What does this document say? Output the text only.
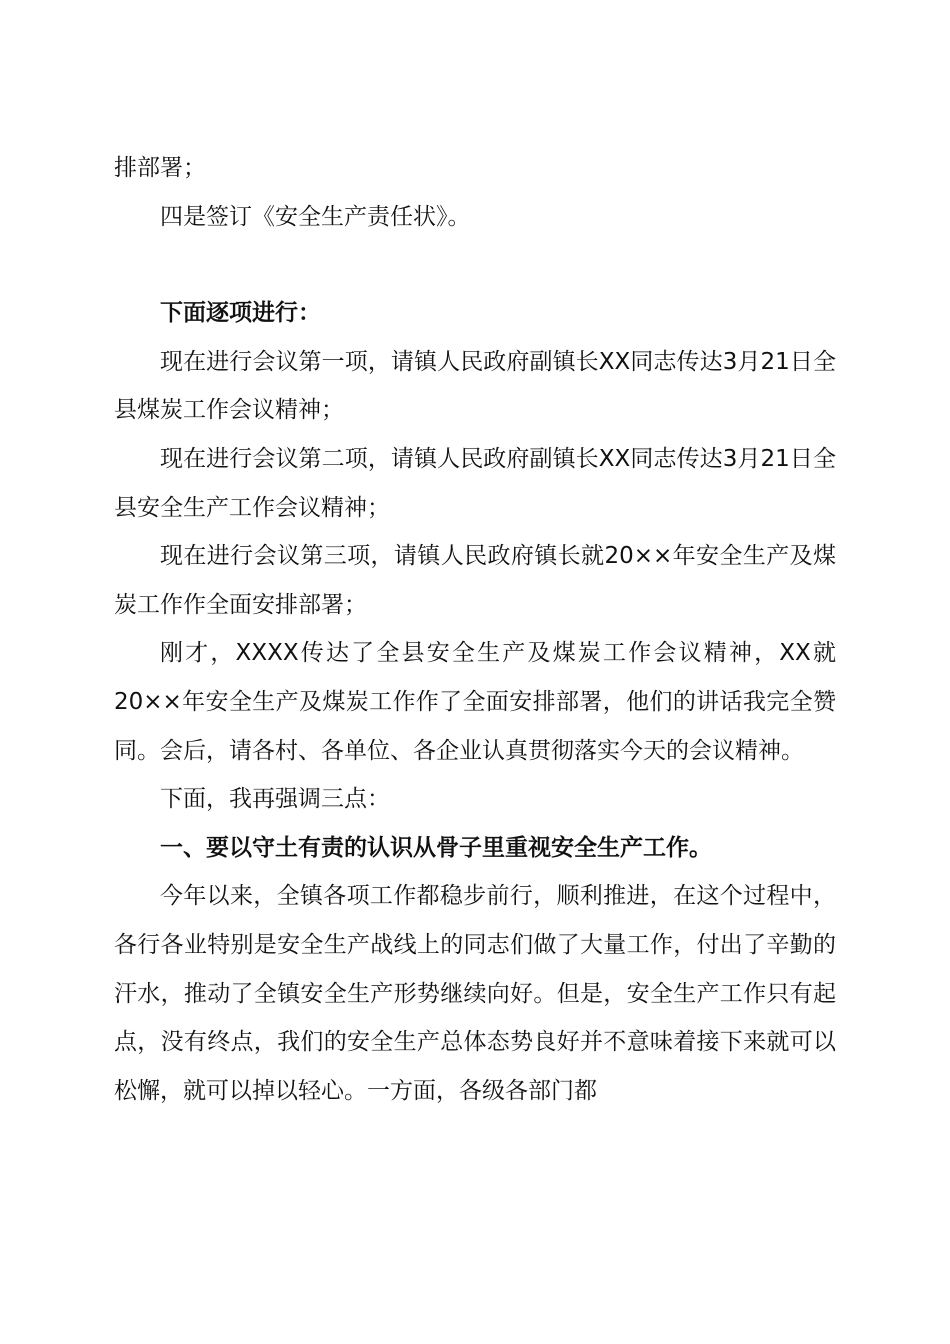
排部署；

四是签订《安全生产责任状》。

下面逐项进行：

现在进行会议第一项，请镇人民政府副镇长XX同志传达3月21日全县煤炭工作会议精神；

现在进行会议第二项，请镇人民政府副镇长XX同志传达3月21日全县安全生产工作会议精神；

现在进行会议第三项，请镇人民政府镇长就20××年安全生产及煤炭工作作全面安排部署；

刚才，XXXX传达了全县安全生产及煤炭工作会议精神，XX就20××年安全生产及煤炭工作作了全面安排部署，他们的讲话我完全赞同。会后，请各村、各单位、各企业认真贯彻落实今天的会议精神。

下面，我再强调三点：

一、要以守土有责的认识从骨子里重视安全生产工作。

今年以来，全镇各项工作都稳步前行，顺利推进，在这个过程中，各行各业特别是安全生产战线上的同志们做了大量工作，付出了辛勤的汗水，推动了全镇安全生产形势继续向好。但是，安全生产工作只有起点，没有终点，我们的安全生产总体态势良好并不意味着接下来就可以松懈，就可以掉以轻心。一方面，各级各部门都
